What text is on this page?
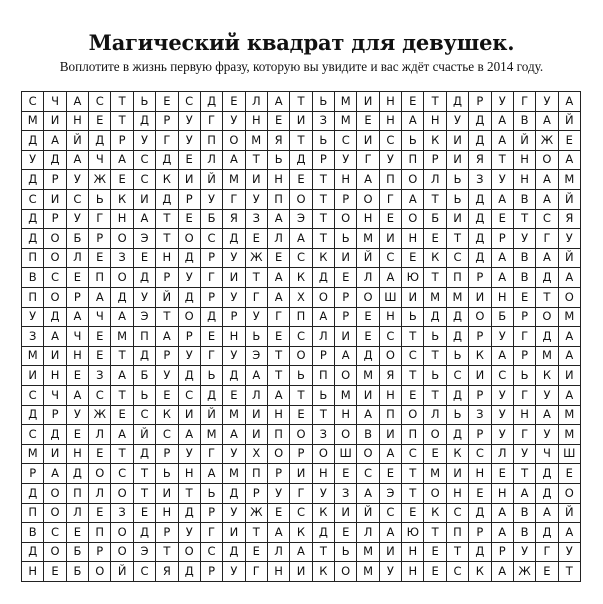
Магический квадрат для девушек.
Воплотите в жизнь первую фразу, которую вы увидите и вас ждёт счастье в 2014 году.
С	Ч	А	С	Т	Ь	Е	С	Д	Е	Л	А	Т	Ь	М	И	Н	Е	Т	Д	Р	У	Г	У	А
М	И	Н	Е	Т	Д	Р	У	Г	У	Н	Е	И	З	М	Е	Н	А	Н	У	Д	А	В	А	Й
Д	А	Й	Д	Р	У	Г	У	П	О	М	Я	Т	Ь	С	И	С	Ь	К	И	Д	А	Й	Ж	Е
У	Д	А	Ч	А	С	Д	Е	Л	А	Т	Ь	Д	Р	У	Г	У	П	Р	И	Я	Т	Н	О	А
Д	Р	У	Ж	Е	С	К	И	Й	М	И	Н	Е	Т	Н	А	П	О	Л	Ь	З	У	Н	А	М
С	И	С	Ь	К	И	Д	Р	У	Г	У	П	О	Т	Р	О	Г	А	Т	Ь	Д	А	В	А	Й
Д	Р	У	Г	Н	А	Т	Е	Б	Я	З	А	Э	Т	О	Н	Е	О	Б	И	Д	Е	Т	С	Я
Д	О	Б	Р	О	Э	Т	О	С	Д	Е	Л	А	Т	Ь	М	И	Н	Е	Т	Д	Р	У	Г	У
П	О	Л	Е	З	Е	Н	Д	Р	У	Ж	Е	С	К	И	Й	С	Е	К	С	Д	А	В	А	Й
В	С	Е	П	О	Д	Р	У	Г	И	Т	А	К	Д	Е	Л	А	Ю	Т	П	Р	А	В	Д	А
П	О	Р	А	Д	У	Й	Д	Р	У	Г	А	Х	О	Р	О	Ш	И	М	М	И	Н	Е	Т	О
У	Д	А	Ч	А	Э	Т	О	Д	Р	У	Г	П	А	Р	Е	Н	Ь	Д	Д	О	Б	Р	О	М
З	А	Ч	Е	М	П	А	Р	Е	Н	Ь	Е	С	Л	И	Е	С	Т	Ь	Д	Р	У	Г	Д	А
М	И	Н	Е	Т	Д	Р	У	Г	У	Э	Т	О	Р	А	Д	О	С	Т	Ь	К	А	Р	М	А
И	Н	Е	З	А	Б	У	Д	Ь	Д	А	Т	Ь	П	О	М	Я	Т	Ь	С	И	С	Ь	К	И
С	Ч	А	С	Т	Ь	Е	С	Д	Е	Л	А	Т	Ь	М	И	Н	Е	Т	Д	Р	У	Г	У	А
Д	Р	У	Ж	Е	С	К	И	Й	М	И	Н	Е	Т	Н	А	П	О	Л	Ь	З	У	Н	А	М
С	Д	Е	Л	А	Й	С	А	М	А	И	П	О	З	О	В	И	П	О	Д	Р	У	Г	У	М
М	И	Н	Е	Т	Д	Р	У	Г	У	Х	О	Р	О	Ш	О	А	С	Е	К	С	Л	У	Ч	Ш
Р	А	Д	О	С	Т	Ь	Н	А	М	П	Р	И	Н	Е	С	Е	Т	М	И	Н	Е	Т	Д	Е
Д	О	П	Л	О	Т	И	Т	Ь	Д	Р	У	Г	У	З	А	Э	Т	О	Н	Е	Н	А	Д	О
П	О	Л	Е	З	Е	Н	Д	Р	У	Ж	Е	С	К	И	Й	С	Е	К	С	Д	А	В	А	Й
В	С	Е	П	О	Д	Р	У	Г	И	Т	А	К	Д	Е	Л	А	Ю	Т	П	Р	А	В	Д	А
Д	О	Б	Р	О	Э	Т	О	С	Д	Е	Л	А	Т	Ь	М	И	Н	Е	Т	Д	Р	У	Г	У
Н	Е	Б	О	Й	С	Я	Д	Р	У	Г	Н	И	К	О	М	У	Н	Е	С	К	А	Ж	Е	Т
